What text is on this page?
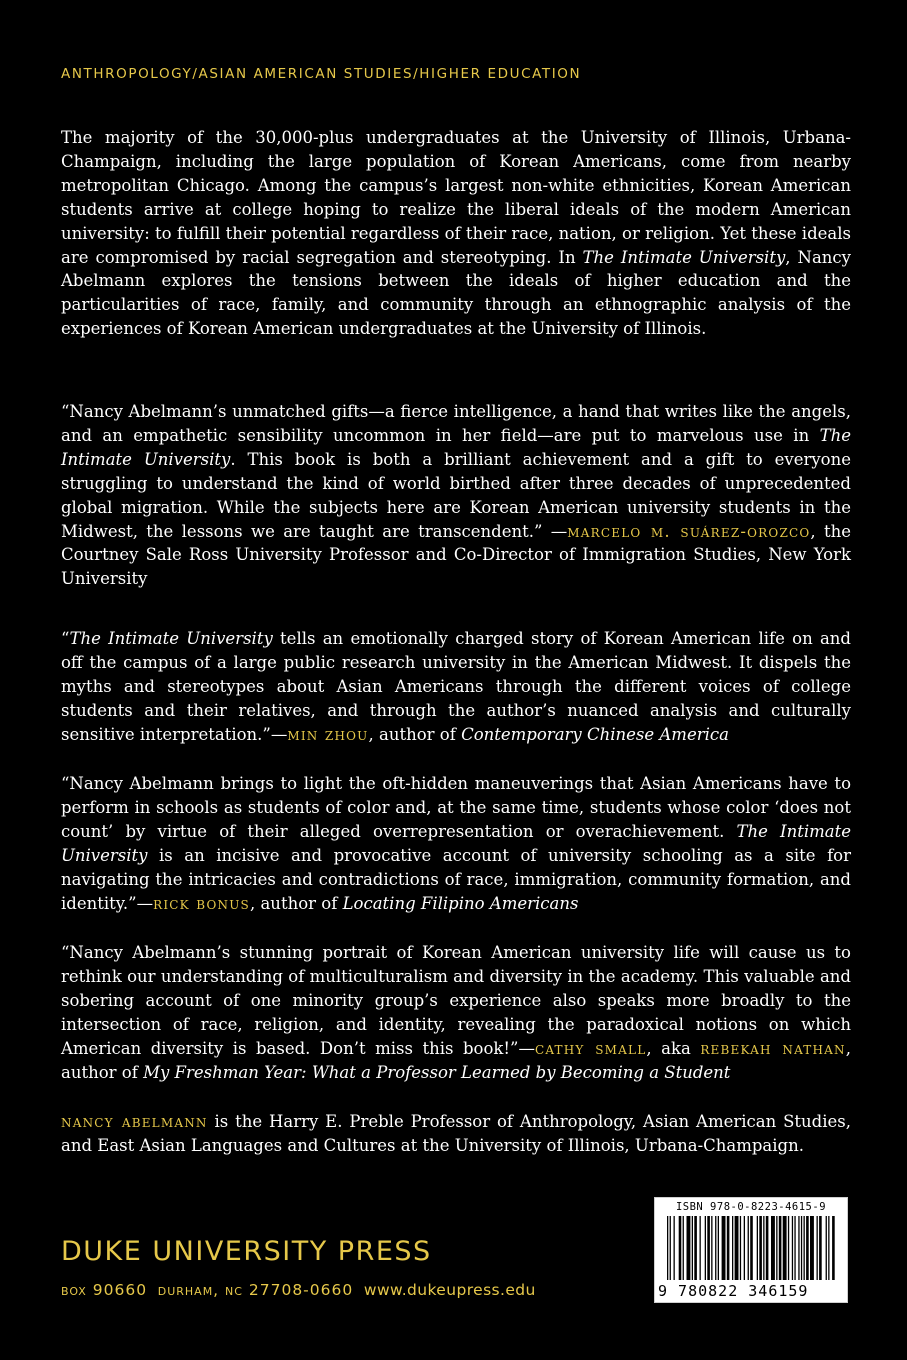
ANTHROPOLOGY/ASIAN AMERICAN STUDIES/HIGHER EDUCATION

The majority of the 30,000-plus undergraduates at the University of Illinois, Urbana-Champaign, including the large population of Korean Americans, come from nearby metropolitan Chicago. Among the campus’s largest non-white ethnicities, Korean American students arrive at college hoping to realize the liberal ideals of the modern American university: to fulfill their potential regardless of their race, nation, or religion. Yet these ideals are compromised by racial segregation and stereotyping. In The Intimate University, Nancy Abelmann explores the tensions between the ideals of higher education and the particularities of race, family, and community through an ethnographic analysis of the experiences of Korean American undergraduates at the University of Illinois.

“Nancy Abelmann’s unmatched gifts—a fierce intelligence, a hand that writes like the angels, and an empathetic sensibility uncommon in her field—are put to marvelous use in The Intimate University. This book is both a brilliant achievement and a gift to everyone struggling to understand the kind of world birthed after three decades of unprecedented global migration. While the subjects here are Korean American university students in the Midwest, the lessons we are taught are transcendent.” —marcelo m. suárez-orozco, the Courtney Sale Ross University Professor and Co-Director of Immigration Studies, New York University

“The Intimate University tells an emotionally charged story of Korean American life on and off the campus of a large public research university in the American Midwest. It dispels the myths and stereotypes about Asian Americans through the different voices of college students and their relatives, and through the author’s nuanced analysis and culturally sensitive interpretation.”—min zhou, author of Contemporary Chinese America

“Nancy Abelmann brings to light the oft-hidden maneuverings that Asian Americans have to perform in schools as students of color and, at the same time, students whose color ‘does not count’ by virtue of their alleged overrepresentation or overachievement. The Intimate University is an incisive and provocative account of university schooling as a site for navigating the intricacies and contradictions of race, immigration, community formation, and identity.”—rick bonus, author of Locating Filipino Americans

“Nancy Abelmann’s stunning portrait of Korean American university life will cause us to rethink our understanding of multiculturalism and diversity in the academy. This valuable and sobering account of one minority group’s experience also speaks more broadly to the intersection of race, religion, and identity, revealing the paradoxical notions on which American diversity is based. Don’t miss this book!”—cathy small, aka rebekah nathan, author of My Freshman Year: What a Professor Learned by Becoming a Student

nancy abelmann is the Harry E. Preble Professor of Anthropology, Asian American Studies, and East Asian Languages and Cultures at the University of Illinois, Urbana-Champaign.

DUKE UNIVERSITY PRESS
box 90660 durham, nc 27708-0660 www.dukeupress.edu
ISBN 978-0-8223-4615-9
9 780822 346159
